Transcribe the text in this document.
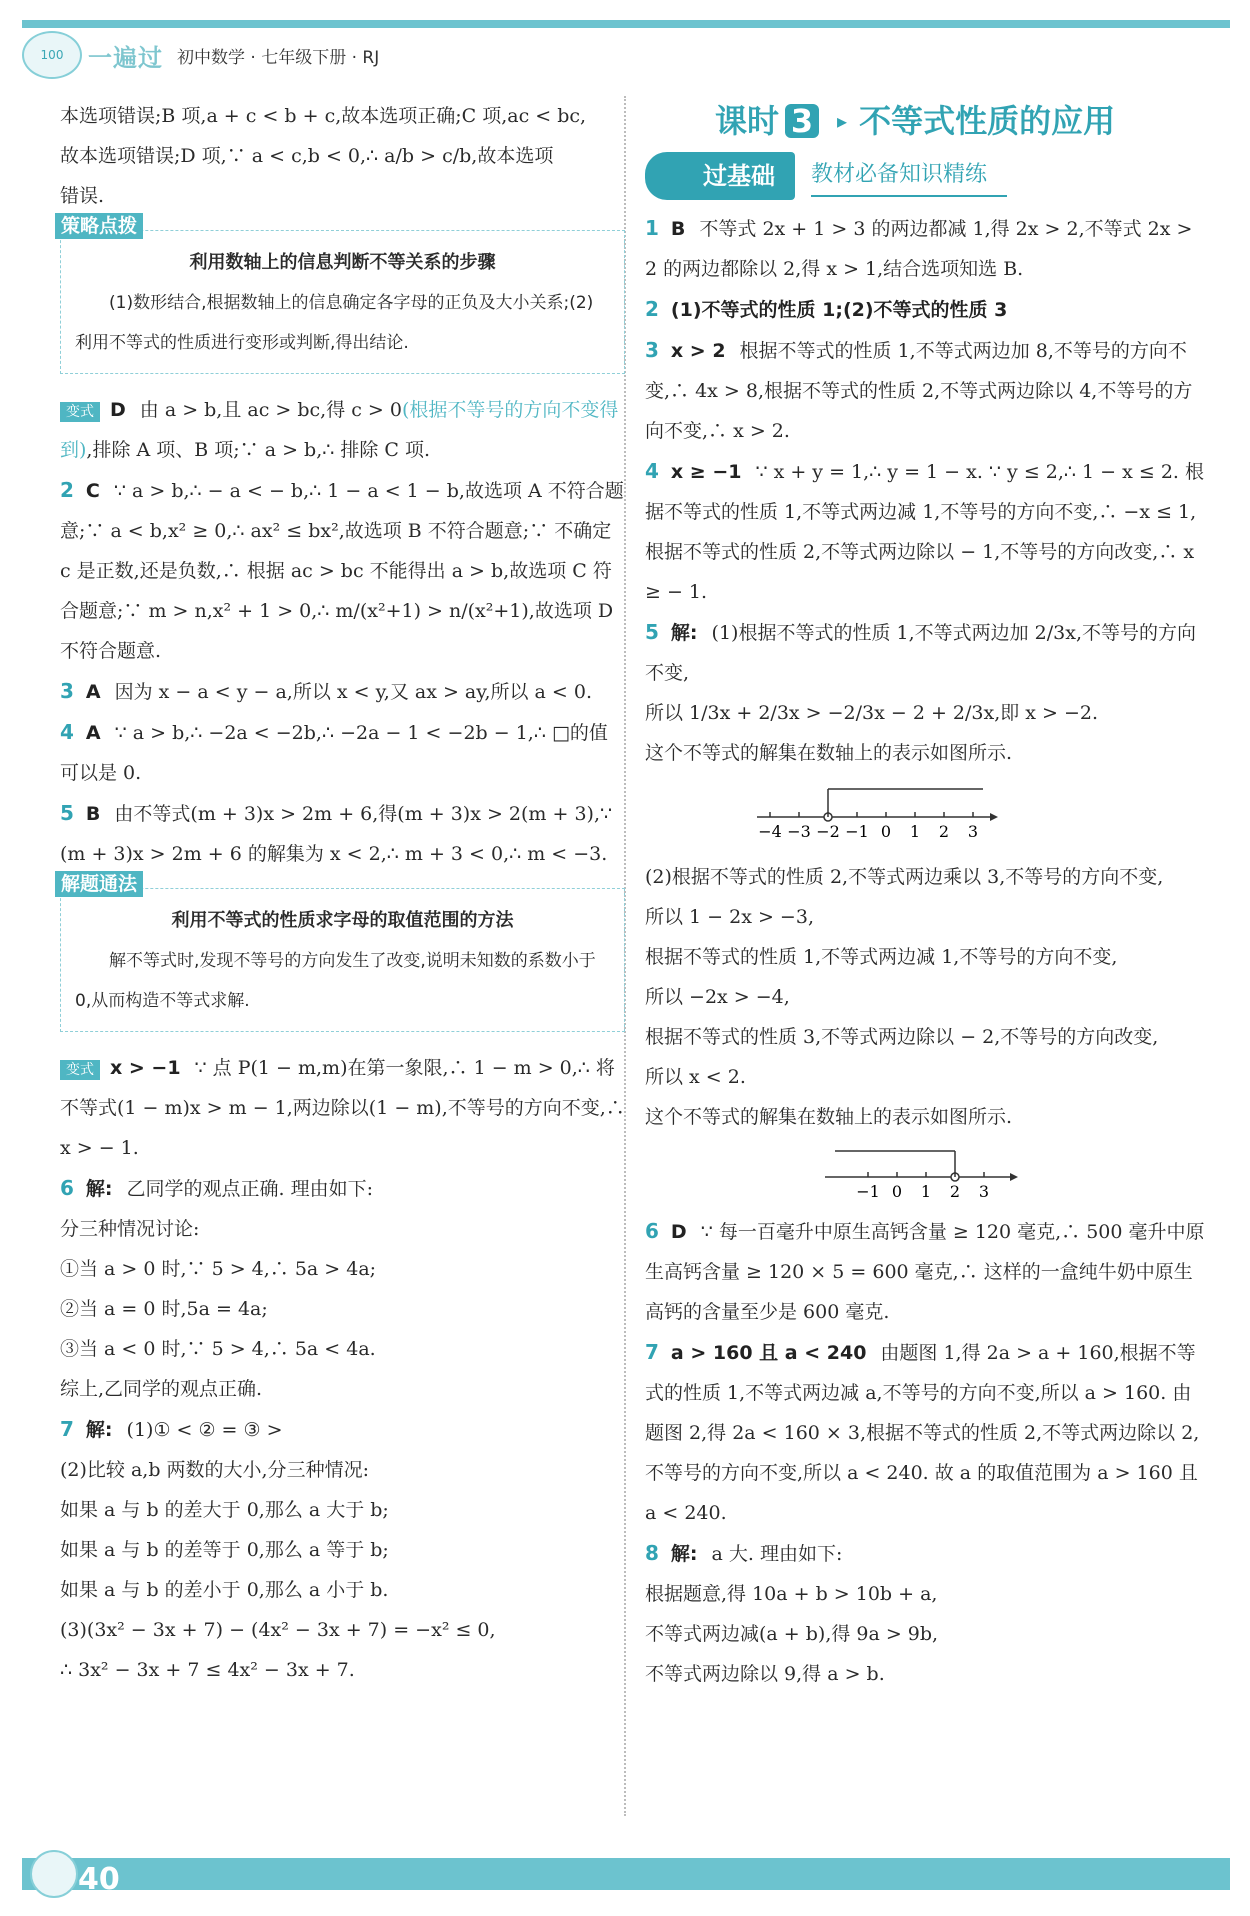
100 一遍过 初中数学 · 七年级下册 · RJ

本选项错误;B 项,a + c < b + c,故本选项正确;C 项,ac < bc,

故本选项错误;D 项,∵ a < c,b < 0,∴ a/b > c/b,故本选项

错误.

策略点拨
利用数轴上的信息判断不等关系的步骤
(1)数形结合,根据数轴上的信息确定各字母的正负及大小关系;(2)利用不等式的性质进行变形或判断,得出结论.

变式 D 由 a > b,且 ac > bc,得 c > 0(根据不等号的方向不变得到),排除 A 项、B 项;∵ a > b,∴ 排除 C 项.

2 C ∵ a > b,∴ − a < − b,∴ 1 − a < 1 − b,故选项 A 不符合题意;∵ a < b,x² ≥ 0,∴ ax² ≤ bx²,故选项 B 不符合题意;∵ 不确定 c 是正数,还是负数,∴ 根据 ac > bc 不能得出 a > b,故选项 C 符合题意;∵ m > n,x² + 1 > 0,∴ m/(x²+1) > n/(x²+1),故选项 D 不符合题意.

3 A 因为 x − a < y − a,所以 x < y,又 ax > ay,所以 a < 0.

4 A ∵ a > b,∴ −2a < −2b,∴ −2a − 1 < −2b − 1,∴ □的值可以是 0.

5 B 由不等式(m + 3)x > 2m + 6,得(m + 3)x > 2(m + 3),∵ (m + 3)x > 2m + 6 的解集为 x < 2,∴ m + 3 < 0,∴ m < −3.

解题通法
利用不等式的性质求字母的取值范围的方法
解不等式时,发现不等号的方向发生了改变,说明未知数的系数小于 0,从而构造不等式求解.

变式 x > −1 ∵ 点 P(1 − m,m)在第一象限,∴ 1 − m > 0,∴ 将不等式(1 − m)x > m − 1,两边除以(1 − m),不等号的方向不变,∴ x > − 1.

6 解: 乙同学的观点正确. 理由如下:

分三种情况讨论:

①当 a > 0 时,∵ 5 > 4,∴ 5a > 4a;

②当 a = 0 时,5a = 4a;

③当 a < 0 时,∵ 5 > 4,∴ 5a < 4a.

综上,乙同学的观点正确.

7 解: (1)① < ② = ③ >

(2)比较 a,b 两数的大小,分三种情况:

如果 a 与 b 的差大于 0,那么 a 大于 b;

如果 a 与 b 的差等于 0,那么 a 等于 b;

如果 a 与 b 的差小于 0,那么 a 小于 b.

(3)(3x² − 3x + 7) − (4x² − 3x + 7) = −x² ≤ 0,

∴ 3x² − 3x + 7 ≤ 4x² − 3x + 7.

课时 3 ▸ 不等式性质的应用
过基础	教材必备知识精练

1 B 不等式 2x + 1 > 3 的两边都减 1,得 2x > 2,不等式 2x > 2 的两边都除以 2,得 x > 1,结合选项知选 B.

2 (1)不等式的性质 1;(2)不等式的性质 3

3 x > 2 根据不等式的性质 1,不等式两边加 8,不等号的方向不变,∴ 4x > 8,根据不等式的性质 2,不等式两边除以 4,不等号的方向不变,∴ x > 2.

4 x ≥ −1 ∵ x + y = 1,∴ y = 1 − x. ∵ y ≤ 2,∴ 1 − x ≤ 2. 根据不等式的性质 1,不等式两边减 1,不等号的方向不变,∴ −x ≤ 1,根据不等式的性质 2,不等式两边除以 − 1,不等号的方向改变,∴ x ≥ − 1.

5 解: (1)根据不等式的性质 1,不等式两边加 2/3x,不等号的方向不变,

所以 1/3x + 2/3x > −2/3x − 2 + 2/3x,即 x > −2.

这个不等式的解集在数轴上的表示如图所示.

−4 −3 −2 −1 0 1 2 3

(2)根据不等式的性质 2,不等式两边乘以 3,不等号的方向不变,

所以 1 − 2x > −3,

根据不等式的性质 1,不等式两边减 1,不等号的方向不变,

所以 −2x > −4,

根据不等式的性质 3,不等式两边除以 − 2,不等号的方向改变,

所以 x < 2.

这个不等式的解集在数轴上的表示如图所示.

−1 0 1 2 3

6 D ∵ 每一百毫升中原生高钙含量 ≥ 120 毫克,∴ 500 毫升中原生高钙含量 ≥ 120 × 5 = 600 毫克,∴ 这样的一盒纯牛奶中原生高钙的含量至少是 600 毫克.

7 a > 160 且 a < 240 由题图 1,得 2a > a + 160,根据不等式的性质 1,不等式两边减 a,不等号的方向不变,所以 a > 160. 由题图 2,得 2a < 160 × 3,根据不等式的性质 2,不等式两边除以 2,不等号的方向不变,所以 a < 240. 故 a 的取值范围为 a > 160 且 a < 240.

8 解: a 大. 理由如下:

根据题意,得 10a + b > 10b + a,

不等式两边减(a + b),得 9a > 9b,

不等式两边除以 9,得 a > b.

40
